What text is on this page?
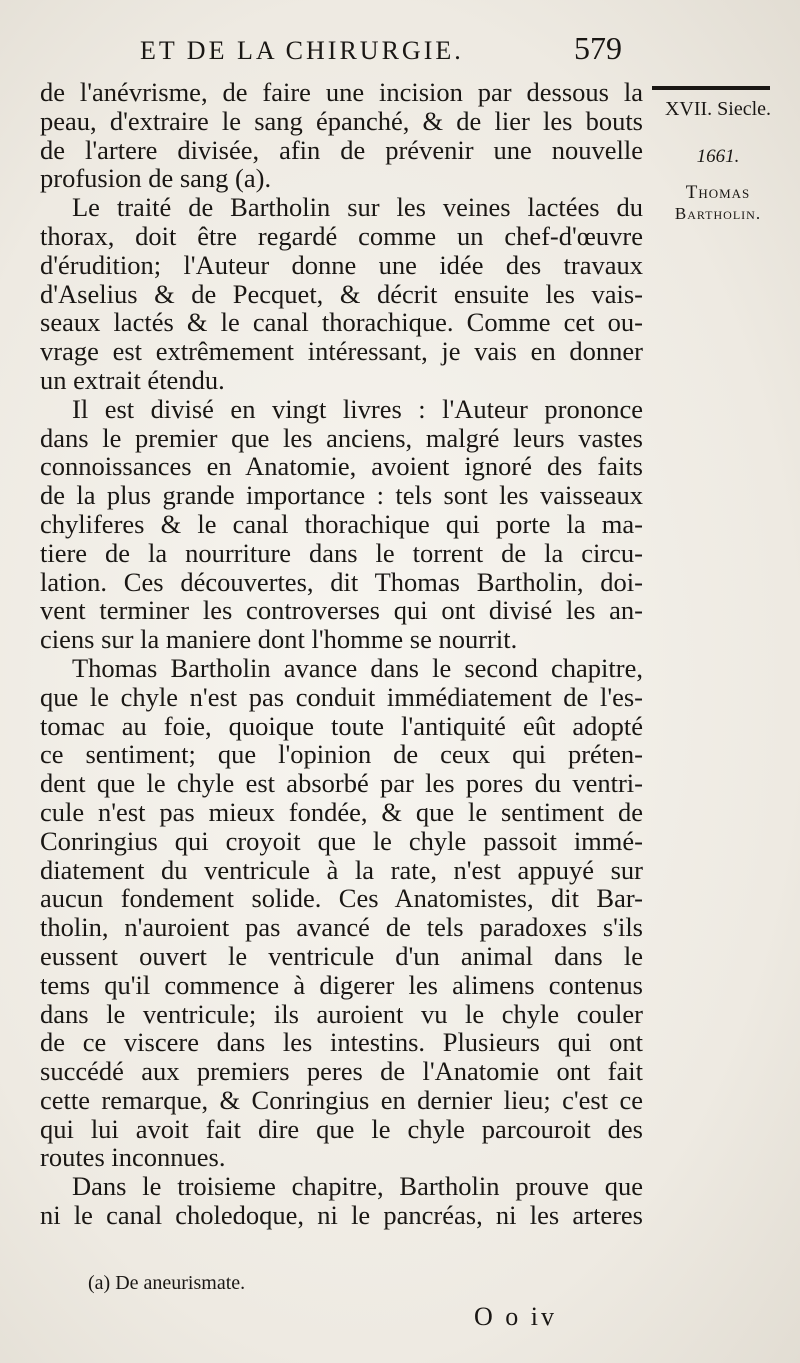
ET DE LA CHIRURGIE.	579
XVII. Siecle.
1661.
Thomas
Bartholin.
de l'anévrisme, de faire une incision par dessous la
peau, d'extraire le sang épanché, & de lier les bouts
de l'artere divisée, afin de prévenir une nouvelle
profusion de sang (a).
Le traité de Bartholin sur les veines lactées du
thorax, doit être regardé comme un chef-d'œuvre
d'érudition; l'Auteur donne une idée des travaux
d'Aselius & de Pecquet, & décrit ensuite les vais-
seaux lactés & le canal thorachique. Comme cet ou-
vrage est extrêmement intéressant, je vais en donner
un extrait étendu.
Il est divisé en vingt livres : l'Auteur prononce
dans le premier que les anciens, malgré leurs vastes
connoissances en Anatomie, avoient ignoré des faits
de la plus grande importance : tels sont les vaisseaux
chyliferes & le canal thorachique qui porte la ma-
tiere de la nourriture dans le torrent de la circu-
lation. Ces découvertes, dit Thomas Bartholin, doi-
vent terminer les controverses qui ont divisé les an-
ciens sur la maniere dont l'homme se nourrit.
Thomas Bartholin avance dans le second chapitre,
que le chyle n'est pas conduit immédiatement de l'es-
tomac au foie, quoique toute l'antiquité eût adopté
ce sentiment; que l'opinion de ceux qui préten-
dent que le chyle est absorbé par les pores du ventri-
cule n'est pas mieux fondée, & que le sentiment de
Conringius qui croyoit que le chyle passoit immé-
diatement du ventricule à la rate, n'est appuyé sur
aucun fondement solide. Ces Anatomistes, dit Bar-
tholin, n'auroient pas avancé de tels paradoxes s'ils
eussent ouvert le ventricule d'un animal dans le
tems qu'il commence à digerer les alimens contenus
dans le ventricule; ils auroient vu le chyle couler
de ce viscere dans les intestins. Plusieurs qui ont
succédé aux premiers peres de l'Anatomie ont fait
cette remarque, & Conringius en dernier lieu; c'est ce
qui lui avoit fait dire que le chyle parcouroit des
routes inconnues.
Dans le troisieme chapitre, Bartholin prouve que
ni le canal choledoque, ni le pancréas, ni les arteres
(a) De aneurismate.
O o iv
